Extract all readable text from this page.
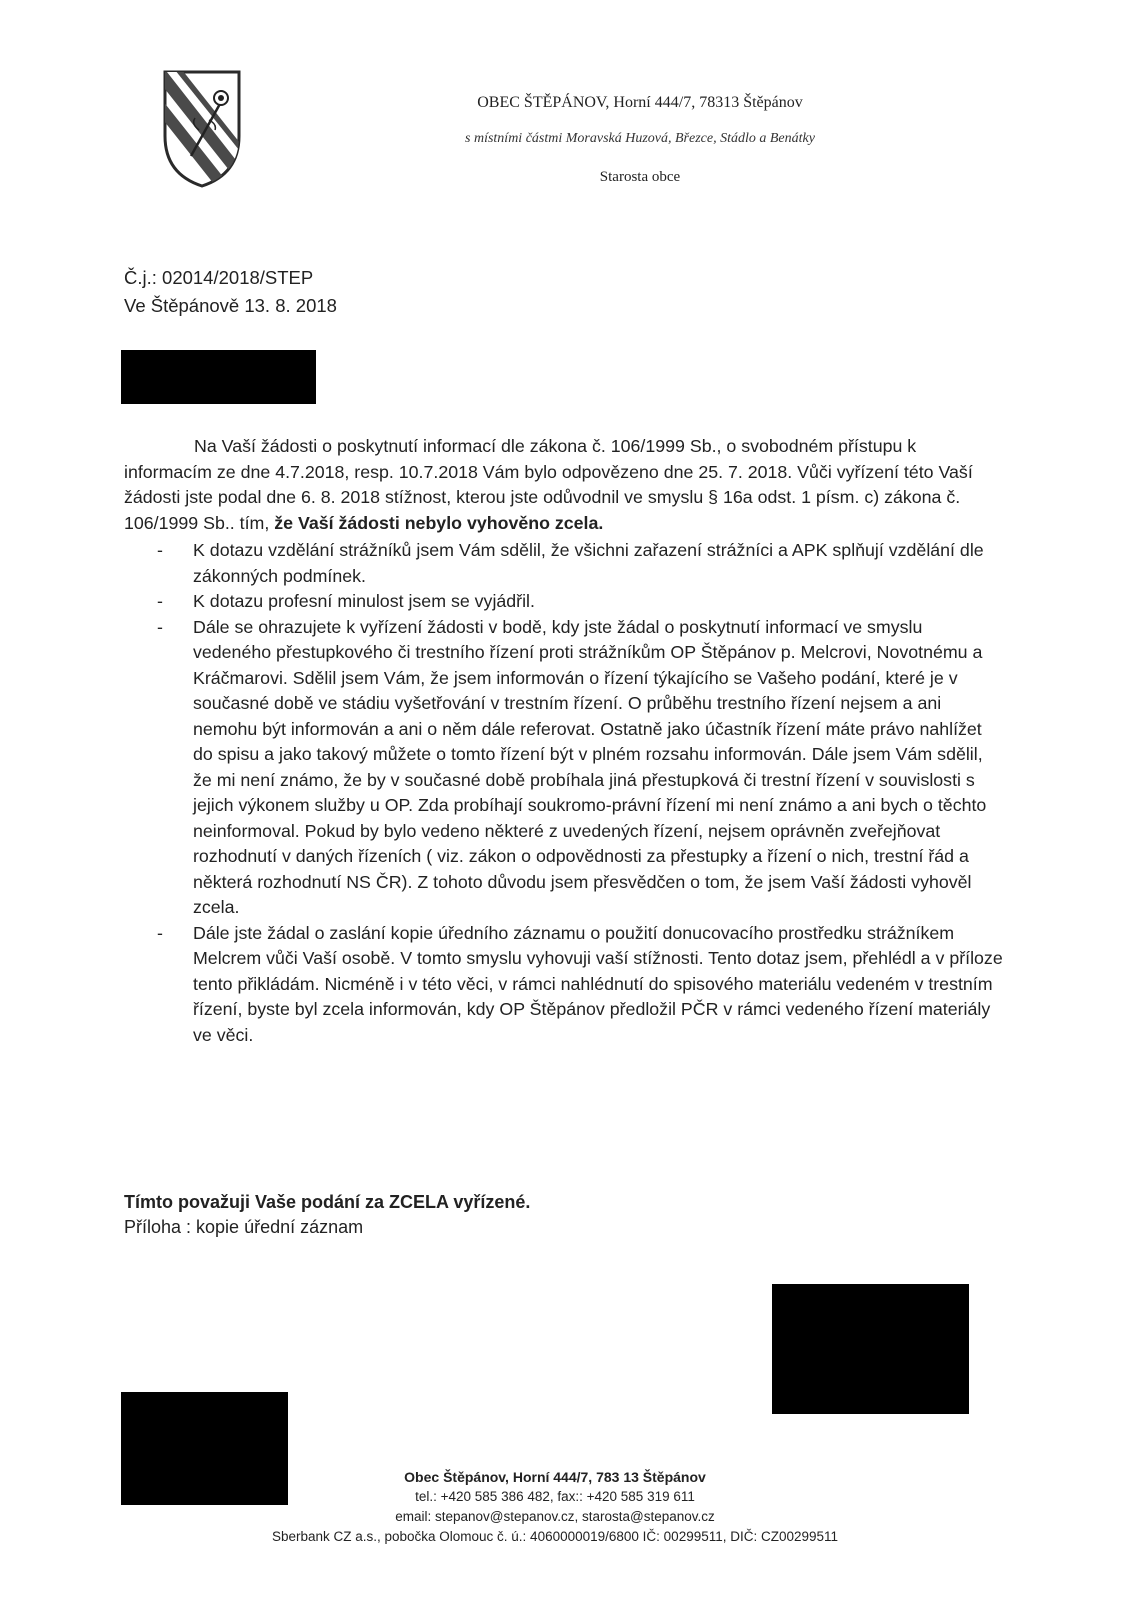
OBEC ŠTĚPÁNOV, Horní 444/7, 78313 Štěpánov
s místními částmi Moravská Huzová, Březce, Stádlo a Benátky
Starosta obce
Č.j.: 02014/2018/STEP
Ve Štěpánově 13. 8. 2018

Na Vaší žádosti o poskytnutí informací dle zákona č. 106/1999 Sb., o svobodném přístupu k informacím ze dne 4.7.2018, resp. 10.7.2018 Vám bylo odpovězeno dne 25. 7. 2018. Vůči vyřízení této Vaší žádosti jste podal dne 6. 8. 2018 stížnost, kterou jste odůvodnil ve smyslu § 16a odst. 1 písm. c) zákona č. 106/1999 Sb.. tím, že Vaší žádosti nebylo vyhověno zcela.

- K dotazu vzdělání strážníků jsem Vám sdělil, že všichni zařazení strážníci a APK splňují vzdělání dle zákonných podmínek.
- K dotazu profesní minulost jsem se vyjádřil.
- Dále se ohrazujete k vyřízení žádosti v bodě, kdy jste žádal o poskytnutí informací ve smyslu vedeného přestupkového či trestního řízení proti strážníkům OP Štěpánov p. Melcrovi, Novotnému a Kráčmarovi. Sdělil jsem Vám, že jsem informován o řízení týkajícího se Vašeho podání, které je v současné době ve stádiu vyšetřování v trestním řízení. O průběhu trestního řízení nejsem a ani nemohu být informován a ani o něm dále referovat. Ostatně jako účastník řízení máte právo nahlížet do spisu a jako takový můžete o tomto řízení být v plném rozsahu informován. Dále jsem Vám sdělil, že mi není známo, že by v současné době probíhala jiná přestupková či trestní řízení v souvislosti s jejich výkonem služby u OP. Zda probíhají soukromo-právní řízení mi není známo a ani bych o těchto neinformoval. Pokud by bylo vedeno některé z uvedených řízení, nejsem oprávněn zveřejňovat rozhodnutí v daných řízeních ( viz. zákon o odpovědnosti za přestupky a řízení o nich, trestní řád a některá rozhodnutí NS ČR). Z tohoto důvodu jsem přesvědčen o tom, že jsem Vaší žádosti vyhověl zcela.
- Dále jste žádal o zaslání kopie úředního záznamu o použití donucovacího prostředku strážníkem Melcrem vůči Vaší osobě. V tomto smyslu vyhovuji vaší stížnosti. Tento dotaz jsem, přehlédl a v příloze tento přikládám. Nicméně i v této věci, v rámci nahlédnutí do spisového materiálu vedeném v trestním řízení, byste byl zcela informován, kdy OP Štěpánov předložil PČR v rámci vedeného řízení materiály ve věci.
Tímto považuji Vaše podání za ZCELA vyřízené.
Příloha : kopie úřední záznam
Obec Štěpánov, Horní 444/7, 783 13 Štěpánov
tel.: +420 585 386 482, fax:: +420 585 319 611
email: stepanov@stepanov.cz, starosta@stepanov.cz
Sberbank CZ a.s., pobočka Olomouc č. ú.: 4060000019/6800 IČ: 00299511, DIČ: CZ00299511
